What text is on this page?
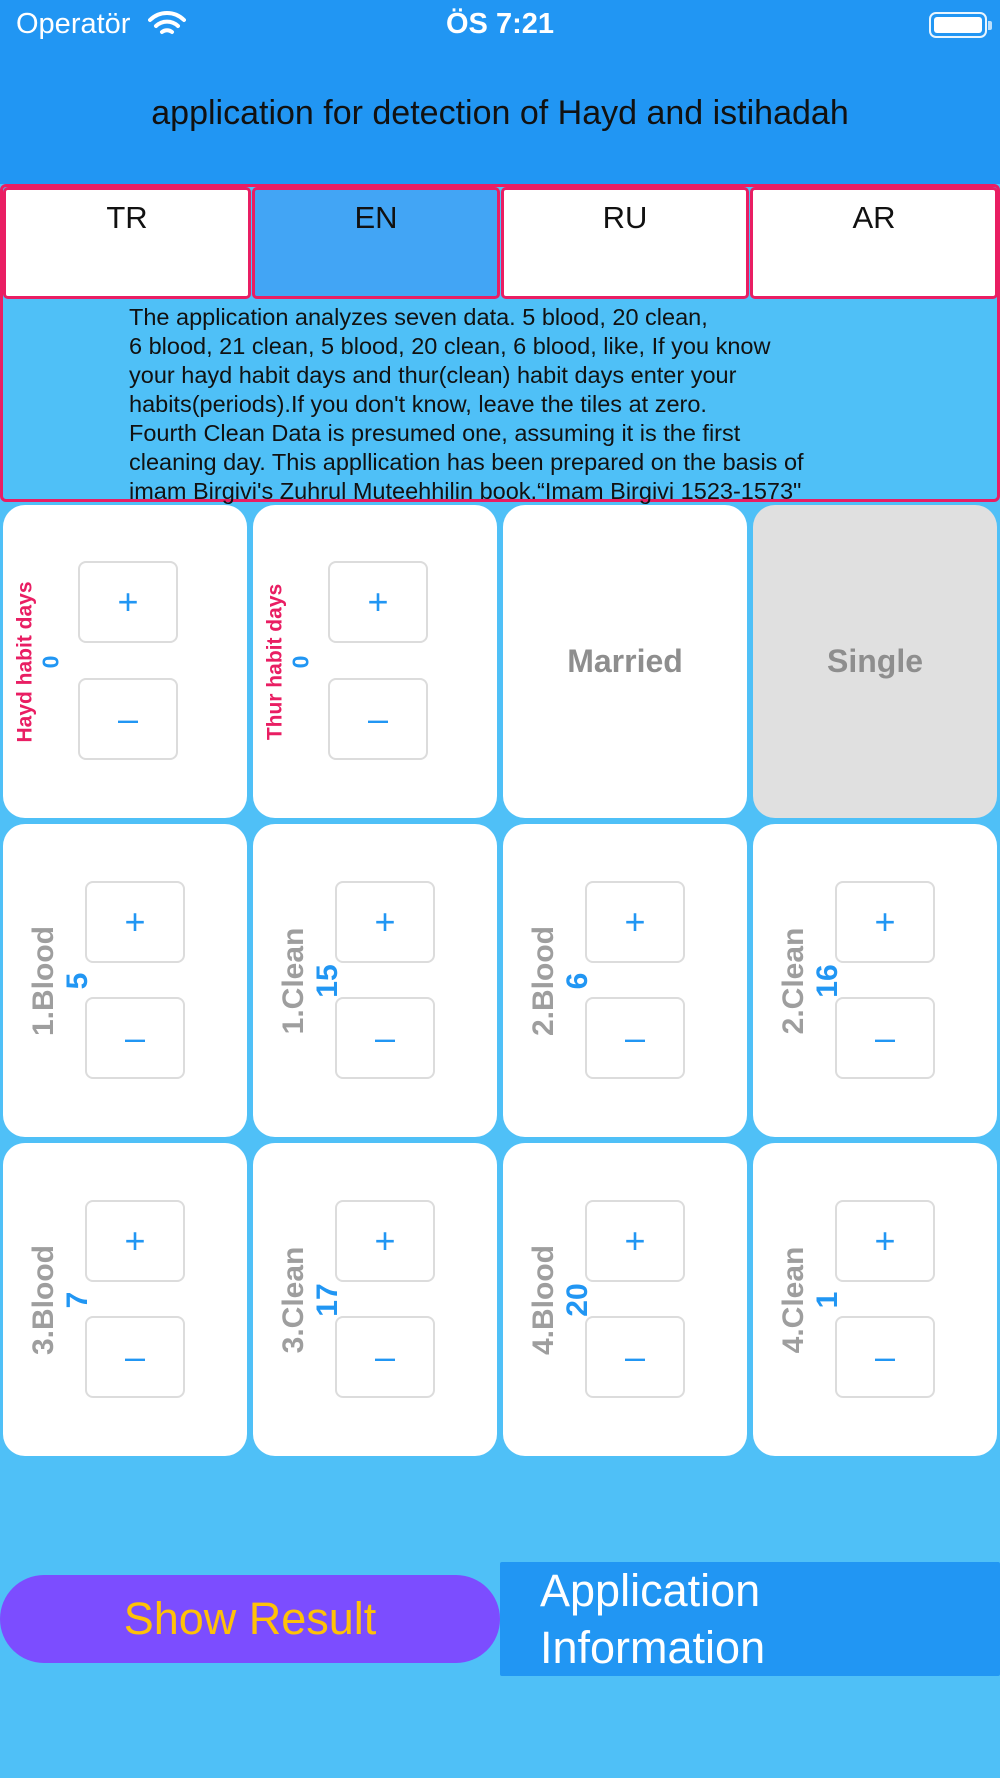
Operatör	ÖS 7:21
application for detection of Hayd and istihadah
TR	EN	RU	AR
The application analyzes seven data. 5 blood, 20 clean,
6 blood, 21 clean, 5 blood, 20 clean, 6 blood, like, If you know
your hayd habit days and thur(clean) habit days enter your
habits(periods).If you don't know, leave the tiles at zero.
Fourth Clean Data is presumed one, assuming it is the first
cleaning day. This appllication has been prepared on the basis of
imam Birgivi's Zuhrul Muteehhilin book.“Imam Birgivi 1523-1573"
Hayd habit days 0
+
–	Thur habit days 0
+
–
Married	Single
1.Blood 5
+
–
1.Clean 15
+
–
2.Blood 6
+
–
2.Clean 16
+
–
3.Blood 7
+
–
3.Clean 17
+
–
4.Blood 20
+
–
4.Clean 1
+
–
Show Result
Application
Information
